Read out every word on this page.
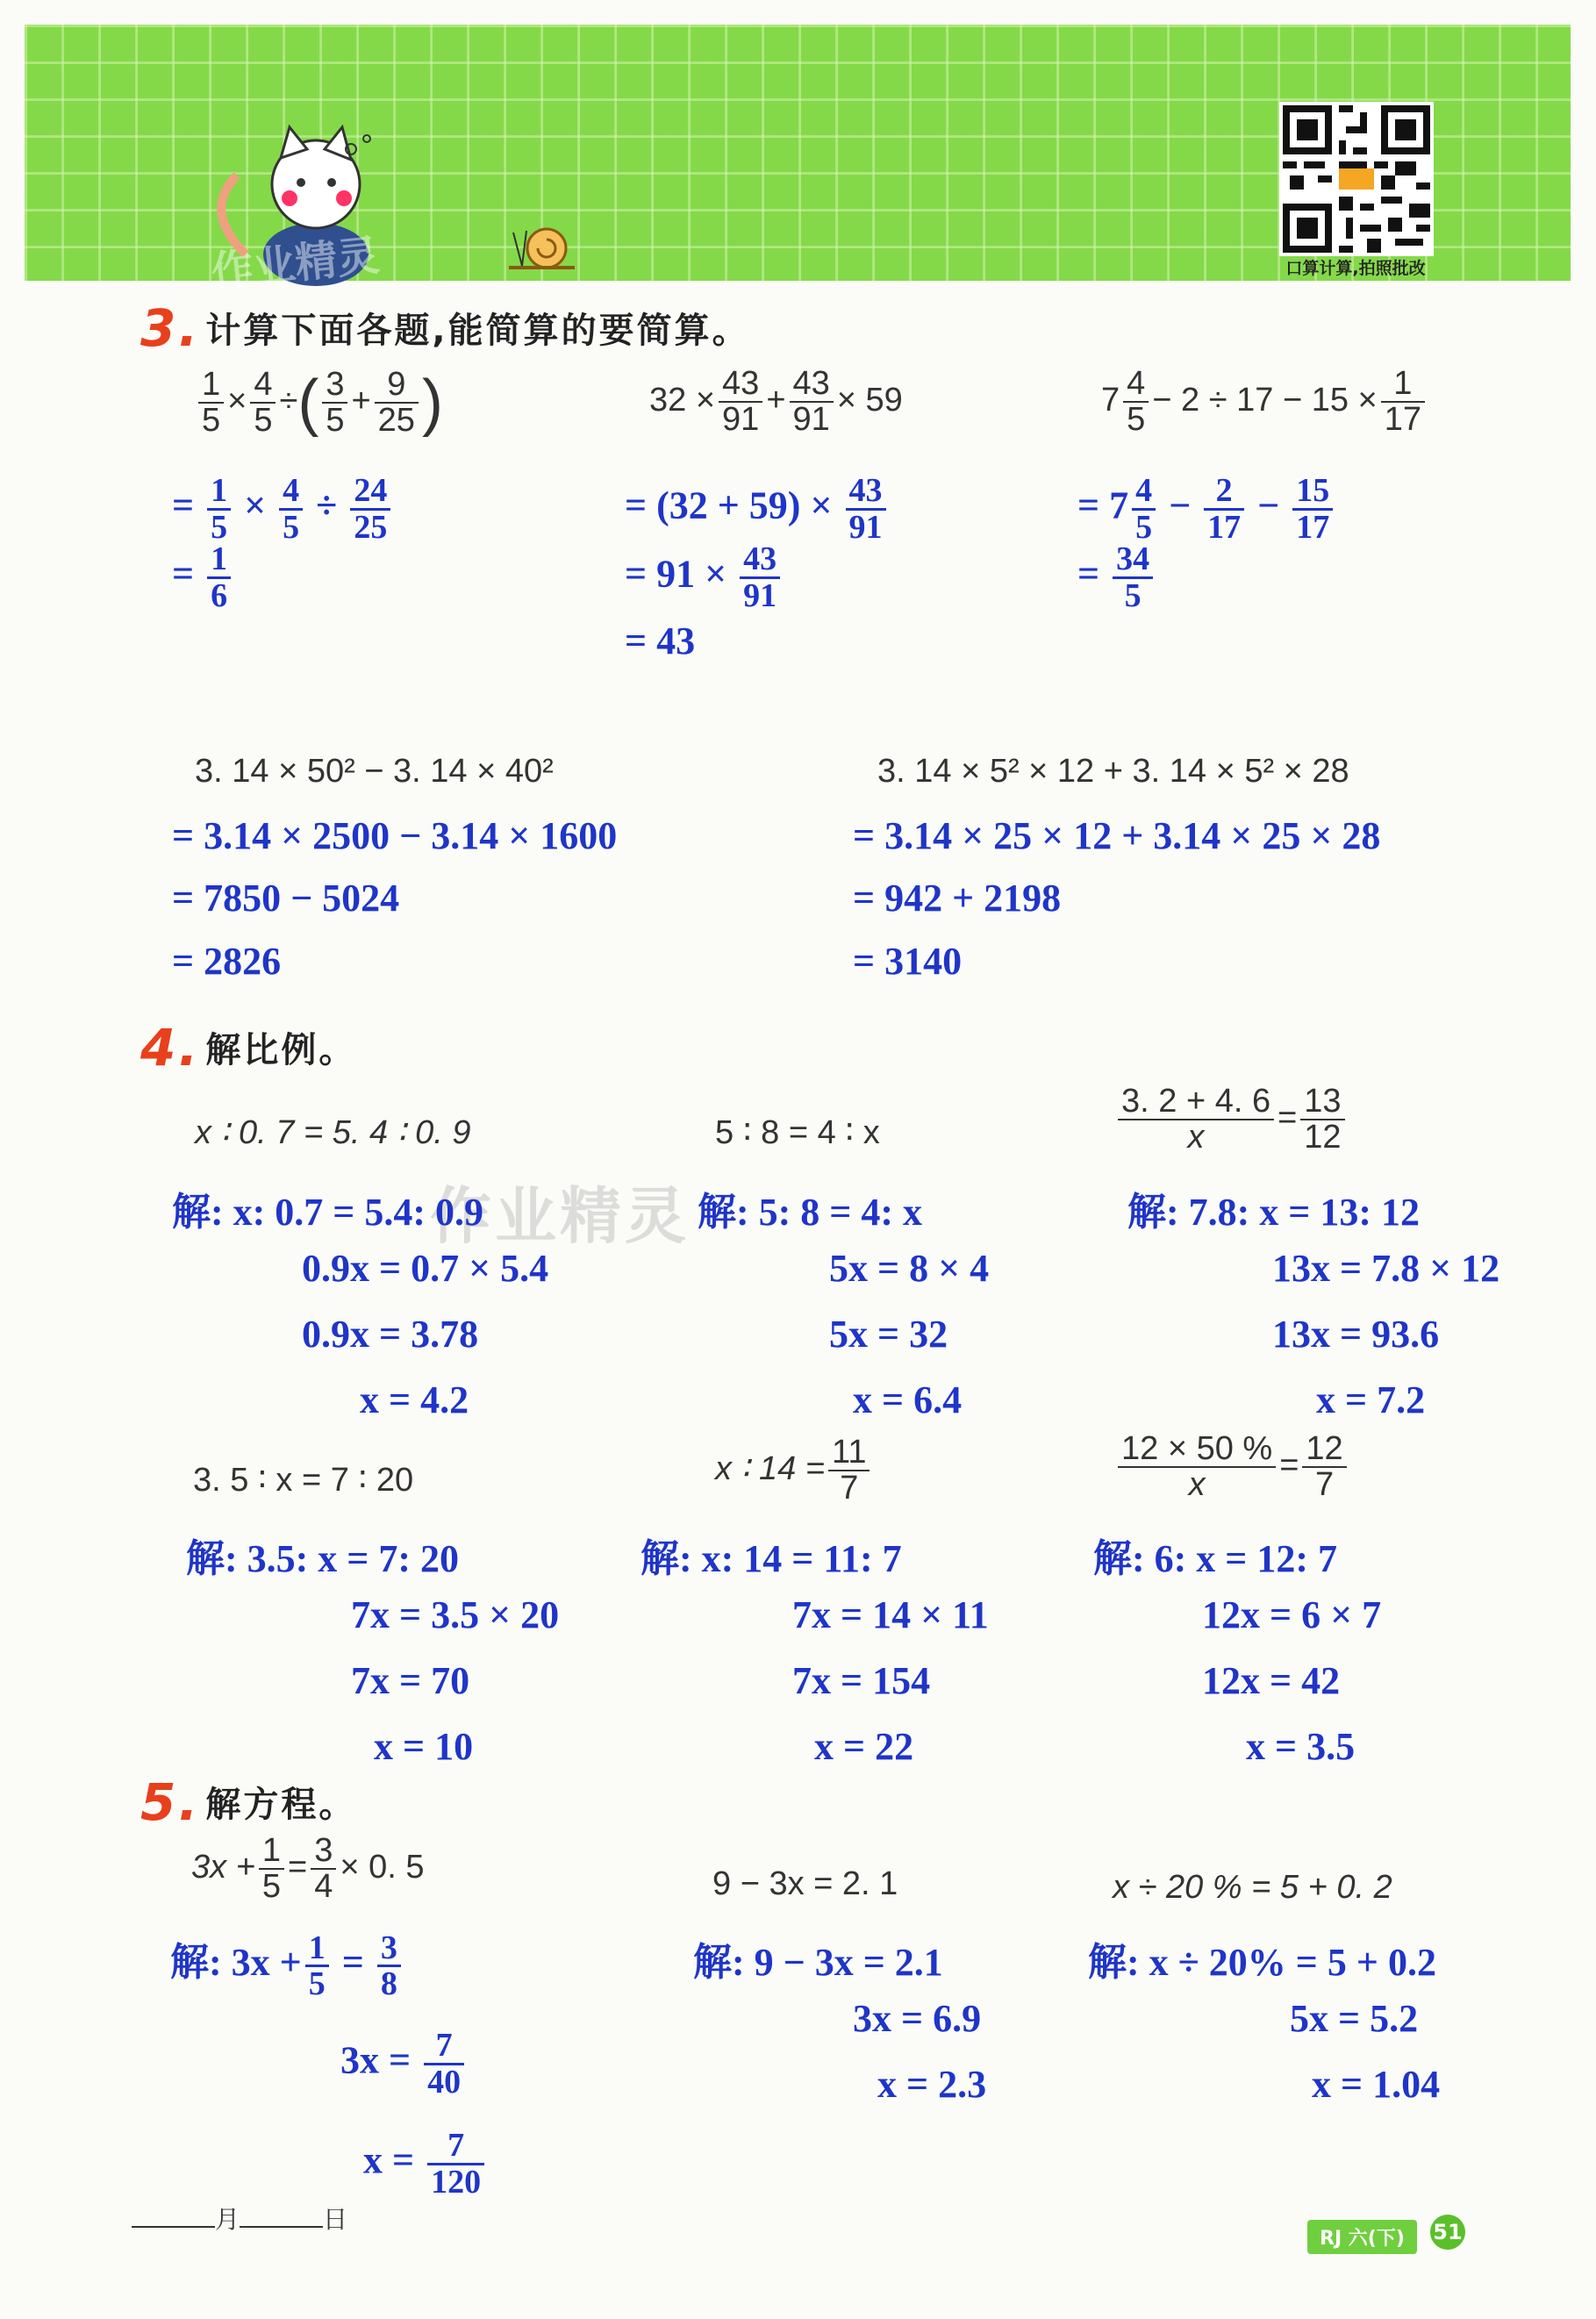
作业精灵	口算计算,拍照批改
3. 计算下面各题,能简算的要简算。
$\frac{1}{5} \times \frac{4}{5}$ ÷( $\frac{3}{5} + \frac{9}{25}$ )
= $\frac{1}{5} \times \frac{4}{5} \div \frac{24}{25}$
= $\frac{1}{6}$
$32 \times \frac{43}{91} + \frac{43}{91} \times 59$
= $(32 + 59) \times \frac{43}{91}$
= $91 \times \frac{43}{91}$
= 43
$7 \frac{4}{5} - 2 \div 17 - 15 \times \frac{1}{17}$
= $7 \frac{4}{5} - \frac{2}{17} - \frac{15}{17}$
= $\frac{34}{5}$
3. 14 × 50² − 3. 14 × 40²
= 3.14 × 2500 − 3.14 × 1600
= 7850 − 5024
= 2826
3. 14 × 5² × 12 + 3. 14 × 5² × 28
= 3.14 × 25 × 12 + 3.14 × 25 × 28
= 942 + 2198
= 3140
4. 解比例。
作业精灵
x ∶ 0. 7 = 5. 4 ∶ 0. 9
解: x: 0.7 = 5.4: 0.9
0.9x = 0.7 × 5.4
0.9x = 3.78
x = 4.2
5 ∶ 8 = 4 ∶ x
解: 5: 8 = 4: x
5x = 8 × 4
5x = 32
x = 6.4
$\frac{3. 2 + 4. 6}{x} = \frac{13}{12}$
解: 7.8: x = 13: 12
13x = 7.8 × 12
13x = 93.6
x = 7.2
3. 5 ∶ x = 7 ∶ 20
解: 3.5: x = 7: 20
7x = 3.5 × 20
7x = 70
x = 10
x ∶ $14 = \frac{11}{7}$
解: x: 14 = 11: 7
7x = 14 × 11
7x = 154
x = 22
$\frac{12 \times 50 \%}{x} = \frac{12}{7}$
解: 6: x = 12: 7
12x = 6 × 7
12x = 42
x = 3.5
5. 解方程。
$3x + \frac{1}{5} = \frac{3}{4} \times 0$. 5
解: $3x + \frac{1}{5} = \frac{3}{8}$
$3x = \frac{7}{40}$
$x = \frac{7}{120}$
9 − 3x = 2. 1
解: 9 − 3x = 2.1
3x = 6.9
x = 2.3
x ÷ 20 % = 5 + 0. 2
解: x ÷ 20% = 5 + 0.2
5x = 5.2
x = 1.04
月	日
RJ 六(下)	51
